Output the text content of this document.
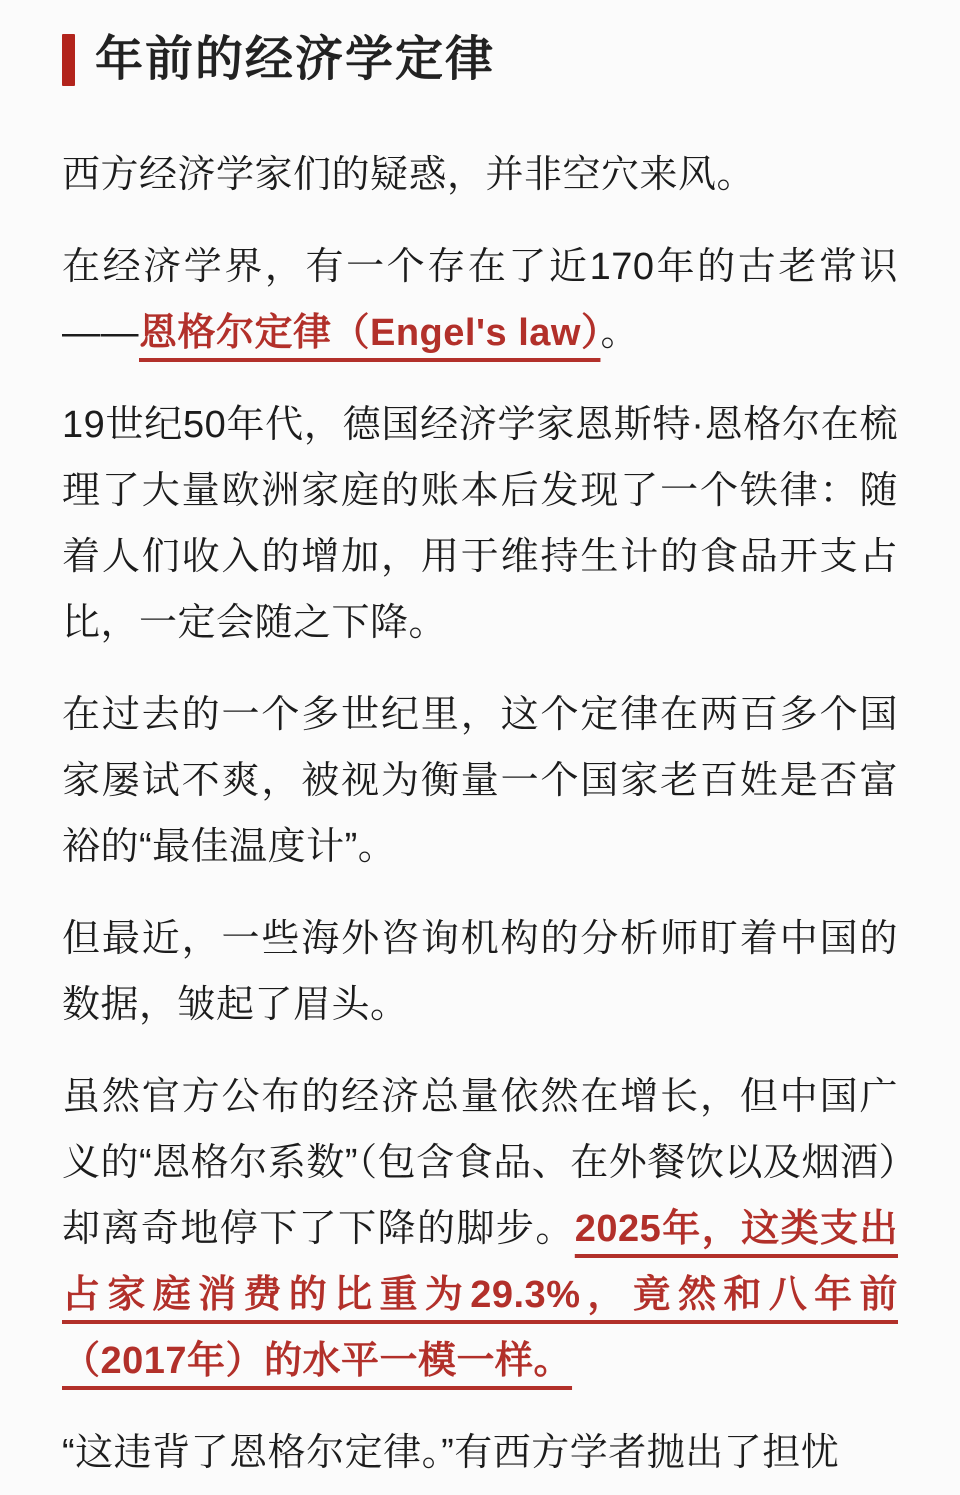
年前的经济学定律

西方经济学家们的疑惑，并非空穴来风。

在经济学界，有一个存在了近170年的古老常识——恩格尔定律（Engel's law）。

19世纪50年代，德国经济学家恩斯特·恩格尔在梳理了大量欧洲家庭的账本后发现了一个铁律：随着人们收入的增加，用于维持生计的食品开支占比，一定会随之下降。

在过去的一个多世纪里，这个定律在两百多个国家屡试不爽，被视为衡量一个国家老百姓是否富裕的“最佳温度计”。

但最近，一些海外咨询机构的分析师盯着中国的数据，皱起了眉头。

虽然官方公布的经济总量依然在增长，但中国广义的“恩格尔系数”（包含食品、在外餐饮以及烟酒）却离奇地停下了下降的脚步。2025年，这类支出占家庭消费的比重为29.3%，竟然和八年前（2017年）的水平一模一样。

“这违背了恩格尔定律。”有西方学者抛出了担忧
